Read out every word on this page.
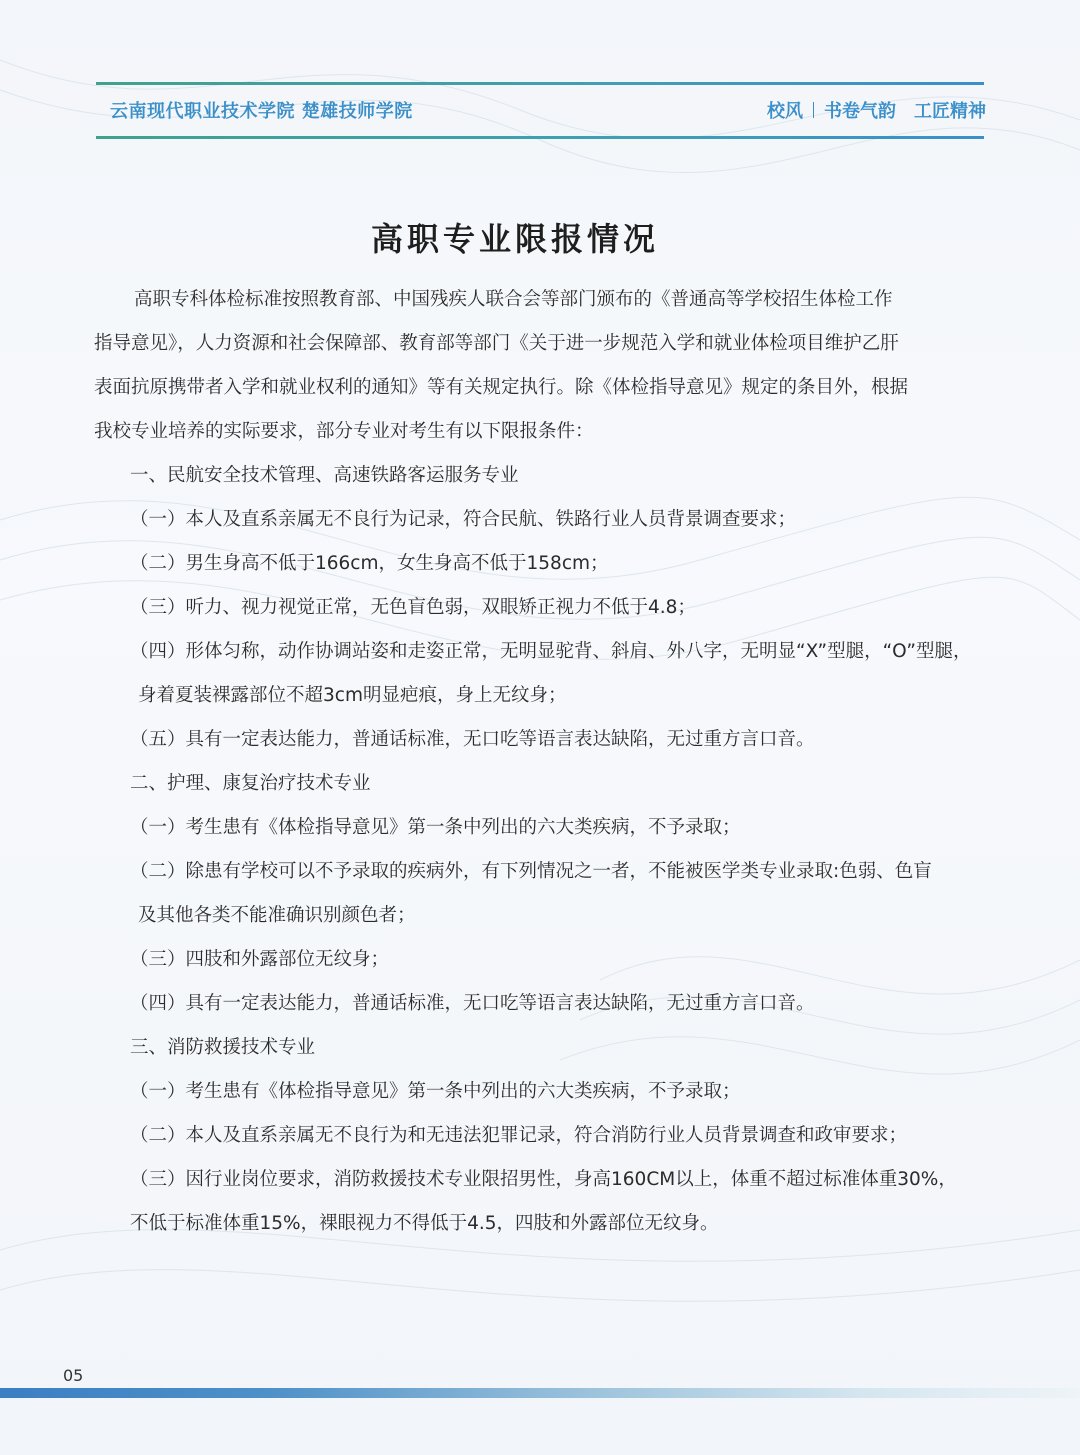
云南现代职业技术学院 楚雄技师学院	校风 书卷气韵 工匠精神
高职专业限报情况
高职专科体检标准按照教育部、中国残疾人联合会等部门颁布的《普通高等学校招生体检工作
指导意见》，人力资源和社会保障部、教育部等部门《关于进一步规范入学和就业体检项目维护乙肝
表面抗原携带者入学和就业权利的通知》等有关规定执行。除《体检指导意见》规定的条目外，根据
我校专业培养的实际要求，部分专业对考生有以下限报条件：
一、民航安全技术管理、高速铁路客运服务专业
（一）本人及直系亲属无不良行为记录，符合民航、铁路行业人员背景调查要求；
（二）男生身高不低于166cm，女生身高不低于158cm；
（三）听力、视力视觉正常，无色盲色弱，双眼矫正视力不低于4.8；
（四）形体匀称，动作协调站姿和走姿正常，无明显驼背、斜肩、外八字，无明显“X”型腿，“O”型腿，
身着夏装裸露部位不超3cm明显疤痕，身上无纹身；
（五）具有一定表达能力，普通话标准，无口吃等语言表达缺陷，无过重方言口音。
二、护理、康复治疗技术专业
（一）考生患有《体检指导意见》第一条中列出的六大类疾病，不予录取；
（二）除患有学校可以不予录取的疾病外，有下列情况之一者，不能被医学类专业录取:色弱、色盲
及其他各类不能准确识别颜色者；
（三）四肢和外露部位无纹身；
（四）具有一定表达能力，普通话标准，无口吃等语言表达缺陷，无过重方言口音。
三、消防救援技术专业
（一）考生患有《体检指导意见》第一条中列出的六大类疾病，不予录取；
（二）本人及直系亲属无不良行为和无违法犯罪记录，符合消防行业人员背景调查和政审要求；
（三）因行业岗位要求，消防救援技术专业限招男性，身高160CM以上，体重不超过标准体重30%，
不低于标准体重15%，裸眼视力不得低于4.5，四肢和外露部位无纹身。
05
